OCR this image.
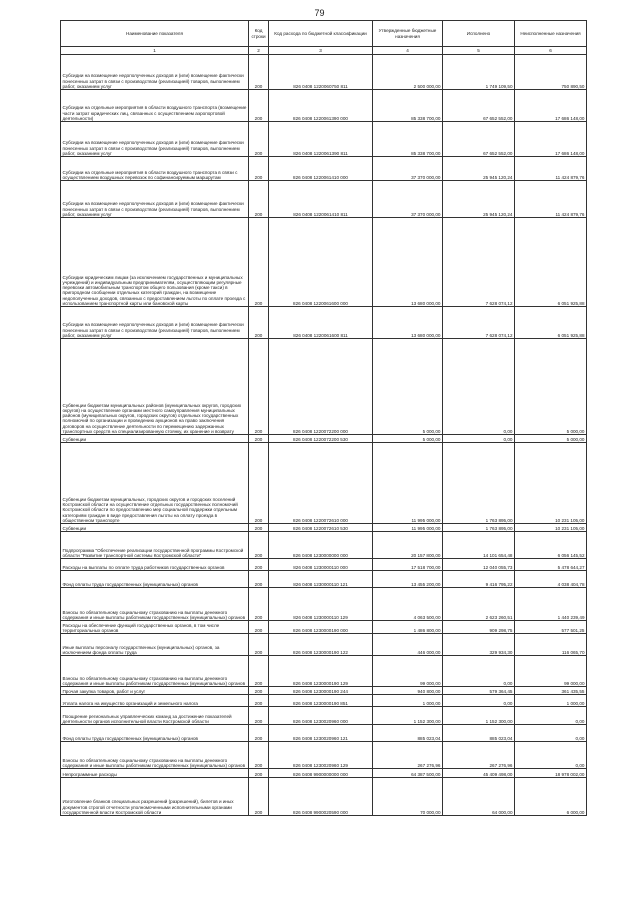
79
Наименование показателя	Код строки	Код расхода по бюджетной классификации	Утвержденные бюджетные назначения	Исполнено	Неисполненные назначения
1	2	3	4	5	6
Субсидии на возмещение недополученных доходов и (или) возмещение фактически понесенных затрат в связи с производством (реализацией) товаров, выполнением работ, оказанием услуг	200	826 0408 1220060750 811	2 500 000,00	1 749 109,50	750 890,50
Субсидии на отдельные мероприятия в области воздушного транспорта (возмещение части затрат юридических лиц, связанных с осуществлением аэропортовой деятельности)	200	826 0408 1220061390 000	85 338 700,00	67 652 552,00	17 686 148,00
Субсидии на возмещение недополученных доходов и (или) возмещение фактически понесенных затрат в связи с производством (реализацией) товаров, выполнением работ, оказанием услуг	200	826 0408 1220061390 811	85 338 700,00	67 652 552,00	17 686 148,00
Субсидии на отдельные мероприятия в области воздушного транспорта в связи с осуществлением воздушных перевозок по софинансируемым маршрутам	200	826 0408 1220061410 000	37 370 000,00	25 945 120,24	11 424 879,76
Субсидии на возмещение недополученных доходов и (или) возмещение фактически понесенных затрат в связи с производством (реализацией) товаров, выполнением работ, оказанием услуг	200	826 0408 1220061410 811	37 370 000,00	25 945 120,24	11 424 879,76
Субсидии юридическим лицам (за исключением государственных и муниципальных учреждений) и индивидуальным предпринимателям, осуществляющим регулярные перевозки автомобильным транспортом общего пользования (кроме такси) в пригородном сообщении отдельных категорий граждан, на возмещение недополученных доходов, связанных с предоставлением льготы по оплате проезда с использованием транспортной карты или бановской карты	200	826 0408 1220061600 000	13 680 000,00	7 628 074,12	6 051 925,88
Субсидии на возмещение недополученных доходов и (или) возмещение фактически понесенных затрат в связи с производством (реализацией) товаров, выполнением работ, оказанием услуг	200	826 0408 1220061600 811	13 680 000,00	7 628 074,12	6 051 925,88
Субвенции бюджетам муниципальных районов (муниципальных округов, городских округов) на осуществление органами местного самоуправления муниципальных районов (муниципальных округов, городских округов) отдельных государственных полномочий по организации и проведению аукционов на право заключения договоров на осуществление деятельности по перемещению задержанных транспортных средств на специализированную стоянку, их хранение и возврату	200	826 0408 1220072200 000	5 000,00	0,00	5 000,00
Субвенции	200	826 0408 1220072200 530	5 000,00	0,00	5 000,00
Субвенции бюджетам муниципальных, городских округов и городских поселений Костромской области на осуществление отдельных государственных полномочий Костромской области по предоставлению мер социальной поддержки отдельным категориям граждан в виде предоставления льготы на оплату проезда в общественном транспорте	200	826 0408 1220072610 000	11 995 000,00	1 763 895,00	10 231 105,00
Субвенции	200	826 0408 1220072610 530	11 995 000,00	1 763 895,00	10 231 105,00
Подпрограмма "Обеспечение реализации государственной программы Костромской области "Развитие транспортной системы Костромской области"	200	826 0408 1230000000 000	20 157 800,00	14 101 654,48	6 056 145,52
Расходы на выплаты по оплате труда работников государственных органов	200	826 0408 1230000110 000	17 518 700,00	12 040 055,73	5 478 644,27
Фонд оплаты труда государственных (муниципальных) органов	200	826 0408 1230000110 121	13 455 200,00	9 416 795,22	4 038 404,78
Взносы по обязательному социальному страхованию на выплаты денежного содержания и иные выплаты работникам государственных (муниципальных) органов	200	826 0408 1230000110 129	4 063 500,00	2 623 260,51	1 440 239,49
Расходы на обеспечение функций государственных органов, в том числе территориальных органов	200	826 0408 1230000190 000	1 486 800,00	909 298,75	577 501,25
Иные выплаты персоналу государственных (муниципальных) органов, за исключением фонда оплаты труда	200	826 0408 1230000190 122	446 000,00	329 934,30	116 065,70
Взносы по обязательному социальному страхованию на выплаты денежного содержания и иные выплаты работникам государственных (муниципальных) органов	200	826 0408 1230000190 129	99 000,00	0,00	99 000,00
Прочая закупка товаров, работ и услуг	200	826 0408 1230000190 244	940 800,00	579 364,45	361 435,55
Уплата налога на имущество организаций и земельного налога	200	826 0408 1230000190 851	1 000,00	0,00	1 000,00
Поощрение региональных управленческих команд за достижение показателей деятельности органов исполнительной власти Костромской области	200	826 0408 1230020960 000	1 152 300,00	1 152 300,00	0,00
Фонд оплаты труда государственных (муниципальных) органов	200	826 0408 1230020960 121	885 023,04	885 023,04	0,00
Взносы по обязательному социальному страхованию на выплаты денежного содержания и иные выплаты работникам государственных (муниципальных) органов	200	826 0408 1230020960 129	267 276,96	267 276,96	0,00
Непрограммные расходы	200	826 0408 9900000000 000	64 387 500,00	45 409 498,00	18 978 002,00
Изготовление бланков специальных разрешений (разрешений), билетов и иных документов строгой отчетности уполномоченными исполнительными органами государственной власти Костромской области	200	826 0408 9900020590 000	70 000,00	64 000,00	6 000,00
